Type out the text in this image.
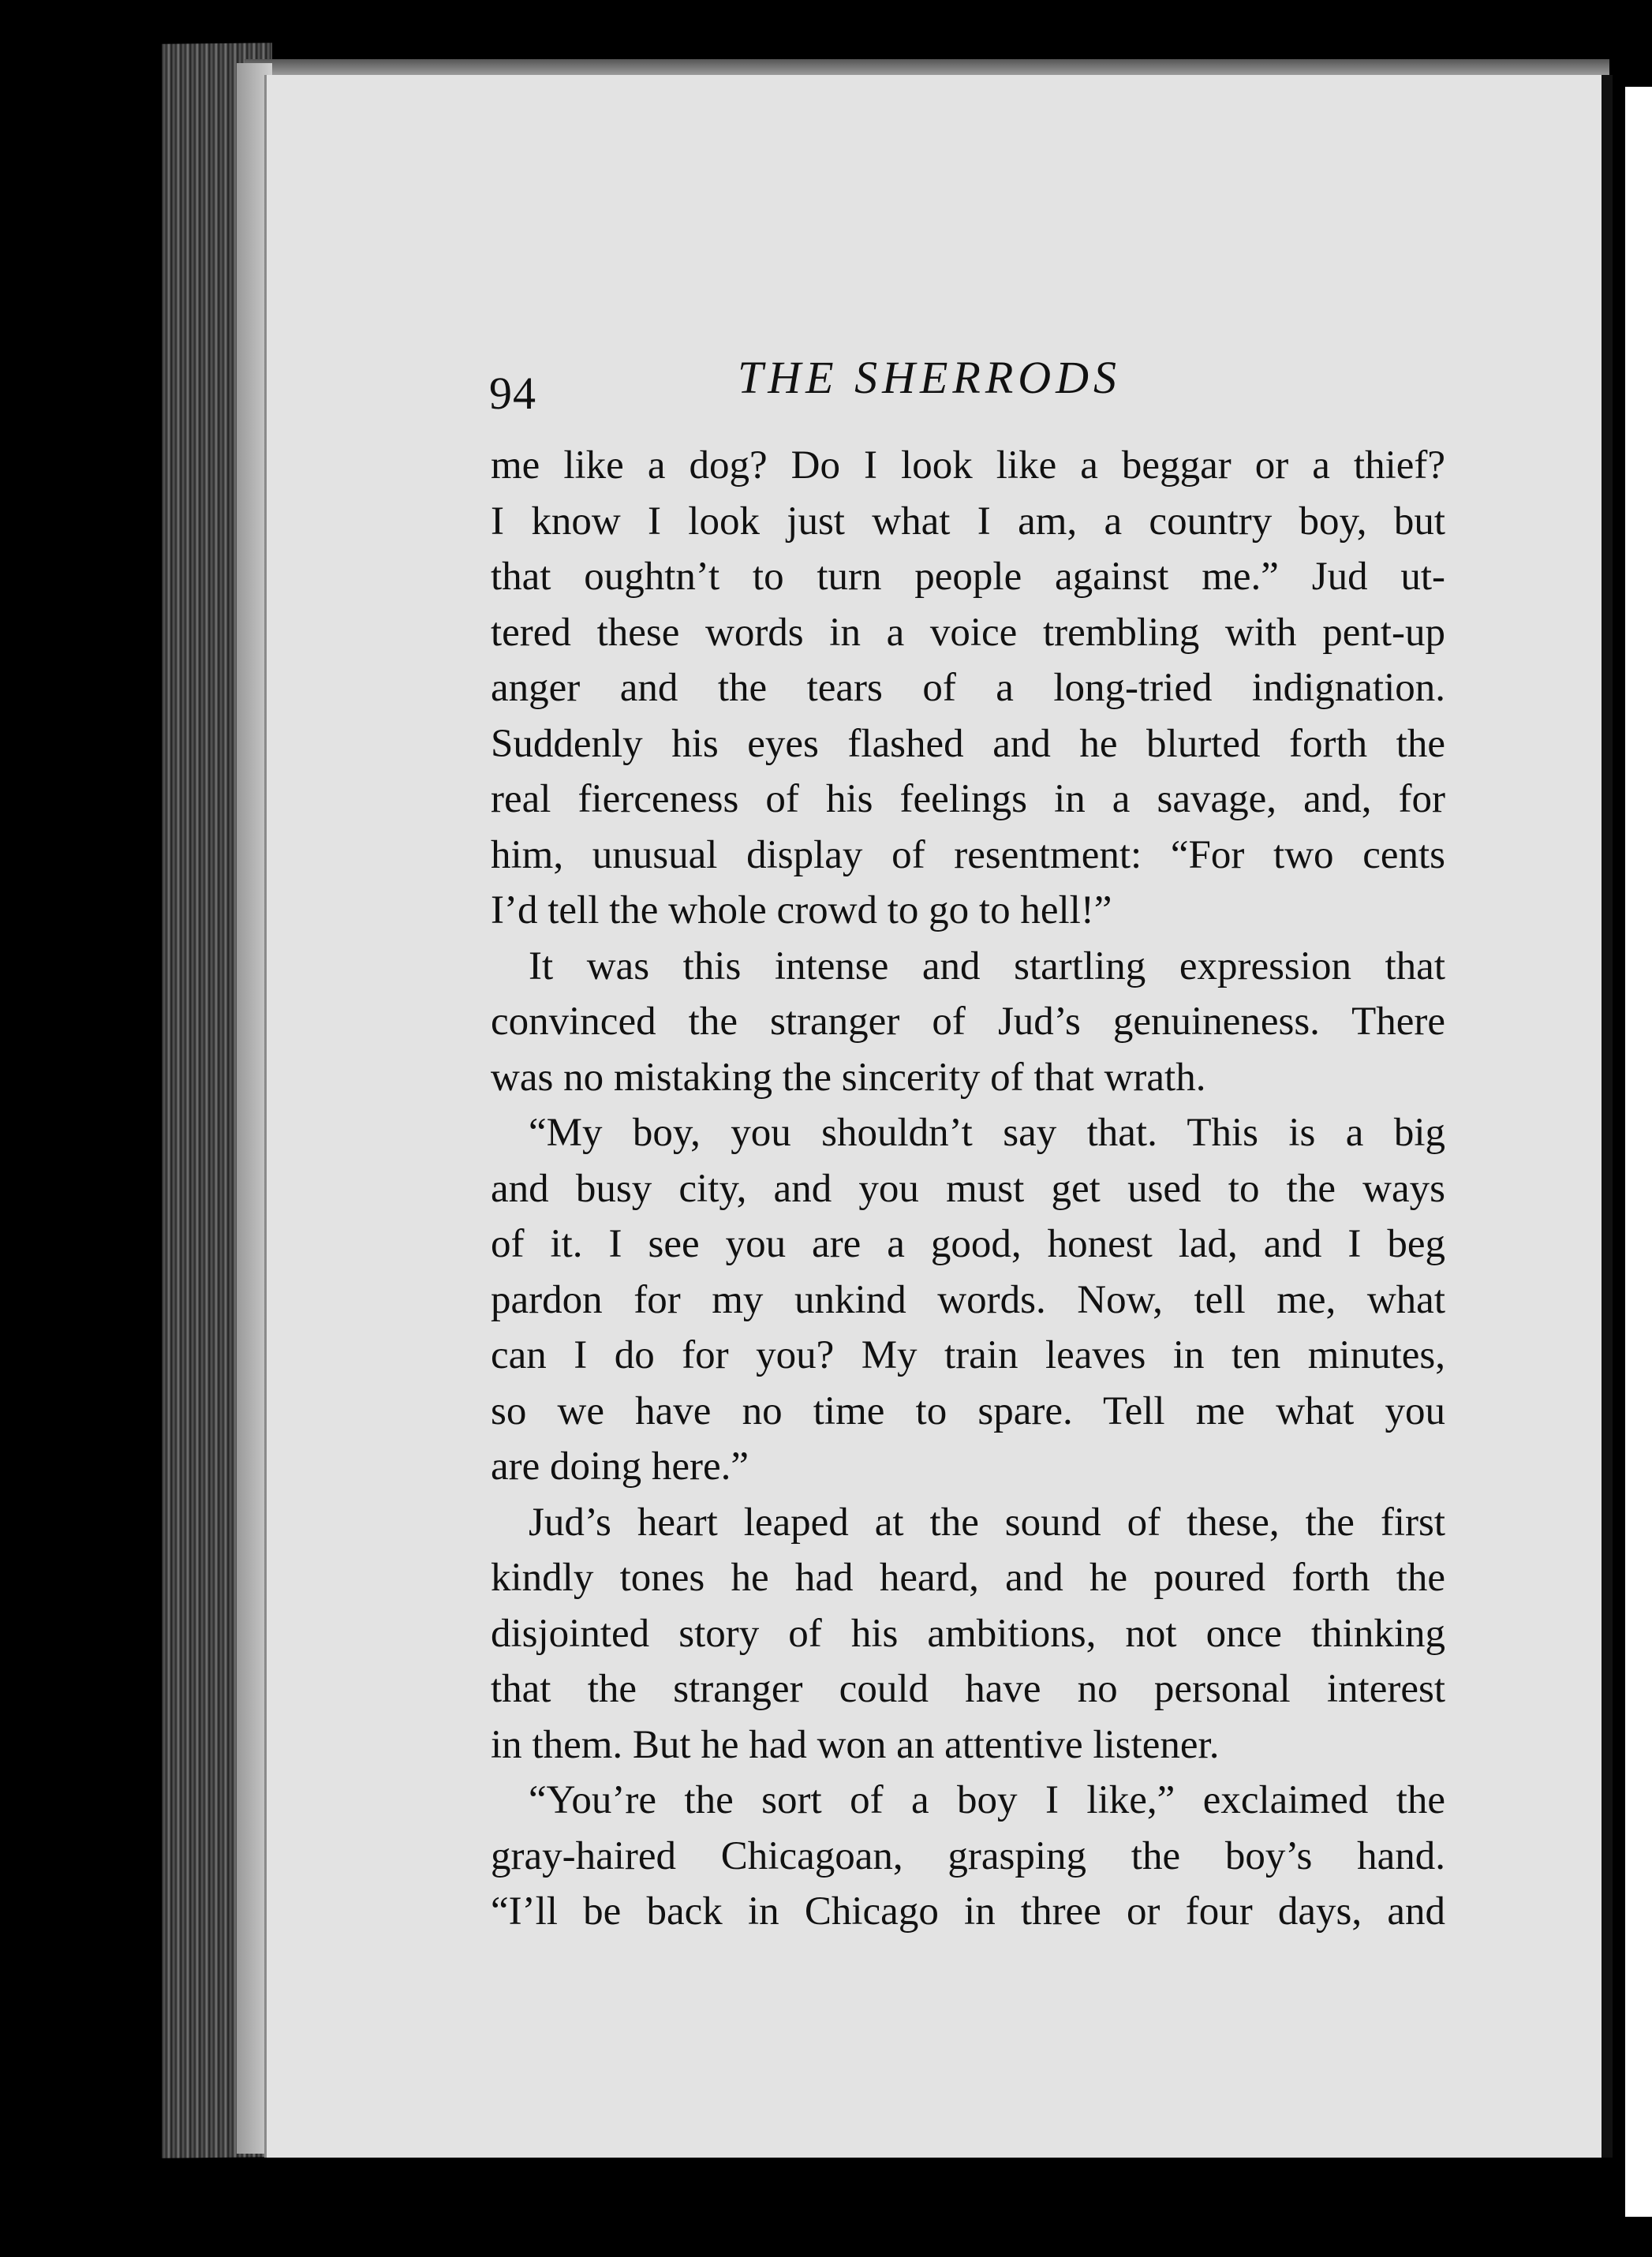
94	THE SHERRODS
me like a dog? Do I look like a beggar or a thief?
I know I look just what I am, a country boy, but
that oughtn’t to turn people against me.” Jud ut-
tered these words in a voice trembling with pent-up
anger and the tears of a long-tried indignation.
Suddenly his eyes flashed and he blurted forth the
real fierceness of his feelings in a savage, and, for
him, unusual display of resentment: “For two cents
I’d tell the whole crowd to go to hell!”
It was this intense and startling expression that
convinced the stranger of Jud’s genuineness. There
was no mistaking the sincerity of that wrath.
“My boy, you shouldn’t say that. This is a big
and busy city, and you must get used to the ways
of it. I see you are a good, honest lad, and I beg
pardon for my unkind words. Now, tell me, what
can I do for you? My train leaves in ten minutes,
so we have no time to spare. Tell me what you
are doing here.”
Jud’s heart leaped at the sound of these, the first
kindly tones he had heard, and he poured forth the
disjointed story of his ambitions, not once thinking
that the stranger could have no personal interest
in them. But he had won an attentive listener.
“You’re the sort of a boy I like,” exclaimed the
gray-haired Chicagoan, grasping the boy’s hand.
“I’ll be back in Chicago in three or four days, and
